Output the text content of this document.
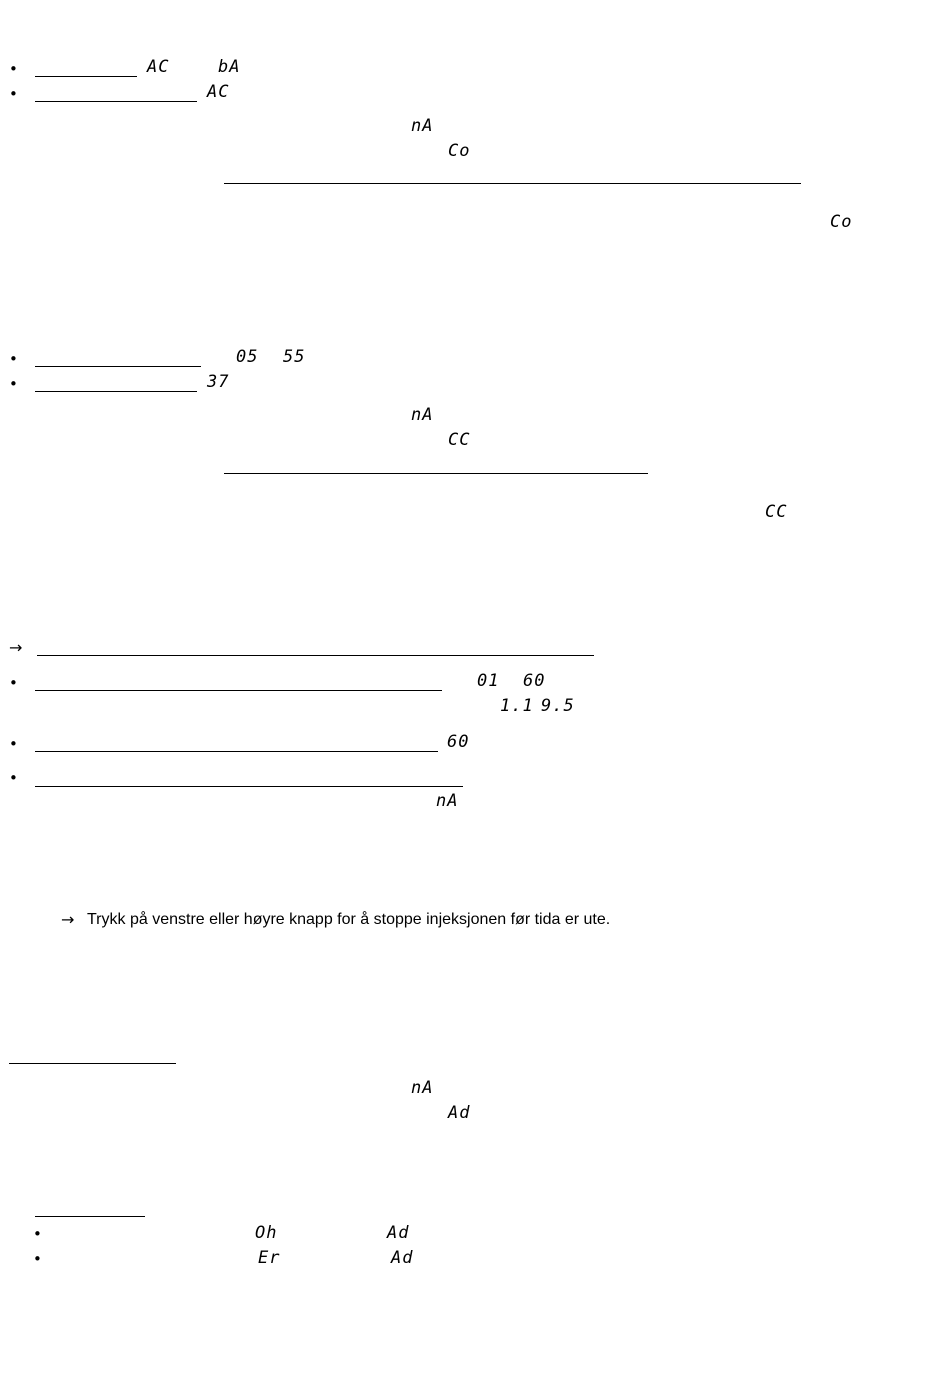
•	AC	bA
•	AC
nA
Co
Co
•	05 55
•	37
nA
CC
CC
→
•	01 60
1.1 9.5
•	60
•
nA
→ Trykk på venstre eller høyre knapp for å stoppe injeksjonen før tida er ute.
nA
Ad
•	Oh	Ad
•	Er	Ad
